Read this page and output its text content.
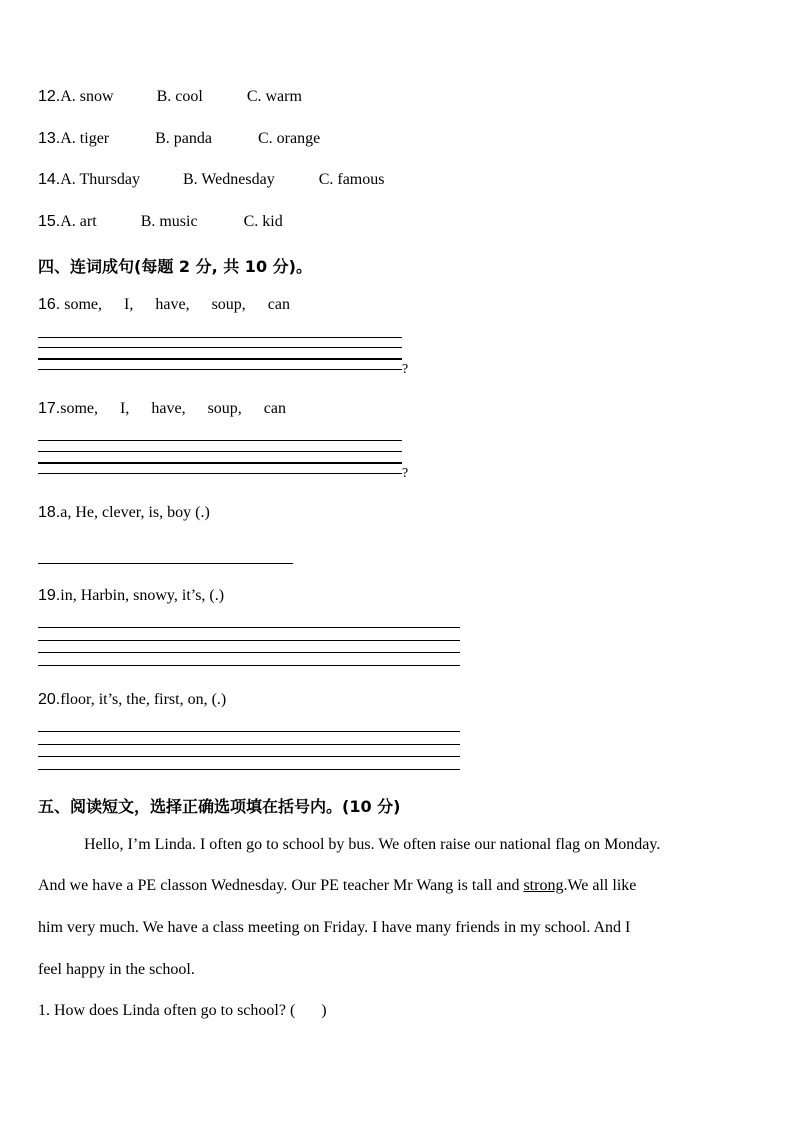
12.A. snow	B. cool	C. warm
13.A. tiger	B. panda	C. orange
14.A. Thursday	B. Wednesday	C. famous
15.A. art	B. music	C. kid
四、连词成句(每题 2 分, 共 10 分)。
16. some, I, have, soup, can
?
17.some, I, have, soup, can
?
18.a, He, clever, is, boy (.)
19.in, Harbin, snowy, it’s, (.)
20.floor, it’s, the, first, on, (.)
五、阅读短文，选择正确选项填在括号内。(10 分)
Hello, I’m Linda. I often go to school by bus. We often raise our national flag on Monday.
And we have a PE classon Wednesday. Our PE teacher Mr Wang is tall and strong.We all like
him very much. We have a class meeting on Friday. I have many friends in my school. And I
feel happy in the school.
1. How does Linda often go to school? ( )
